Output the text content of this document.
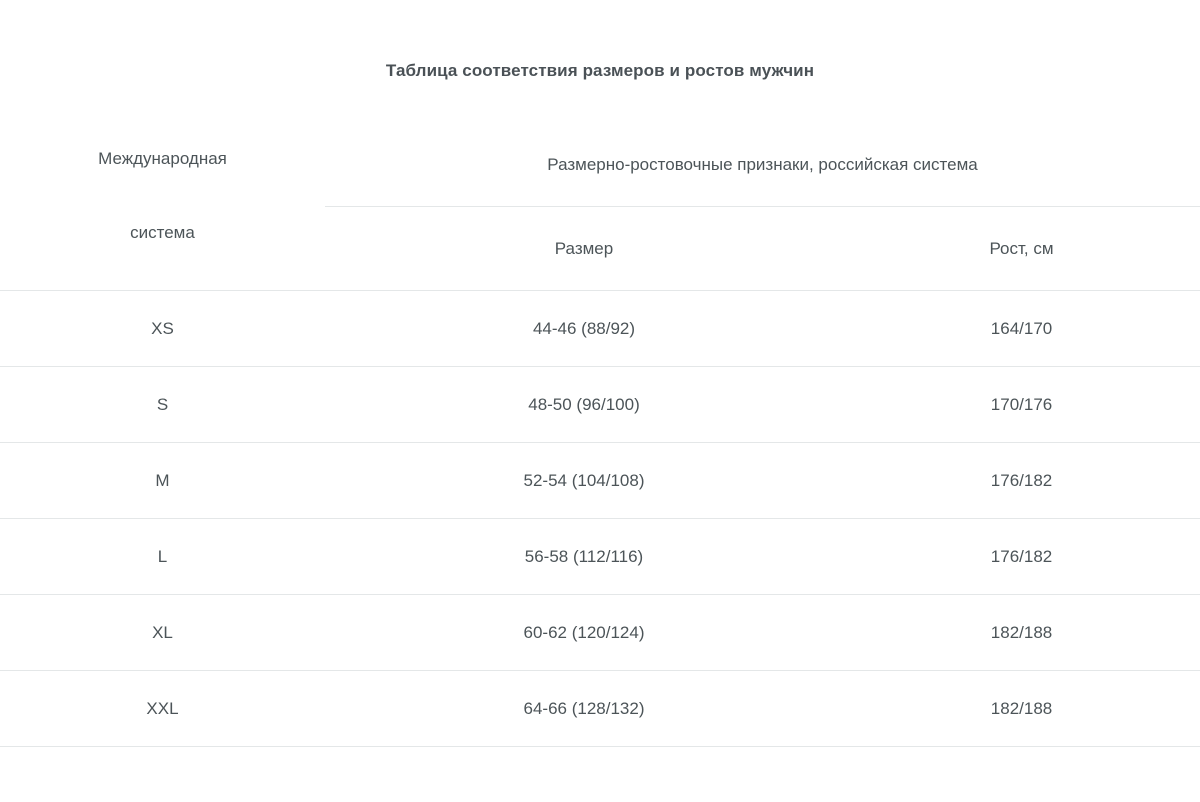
Таблица соответствия размеров и ростов мужчин
Международная
система	Размерно-ростовочные признаки, российская система	
	Размер	Рост, см
XS	44-46 (88/92)	164/170
S	48-50 (96/100)	170/176
M	52-54 (104/108)	176/182
L	56-58 (112/116)	176/182
XL	60-62 (120/124)	182/188
XXL	64-66 (128/132)	182/188
